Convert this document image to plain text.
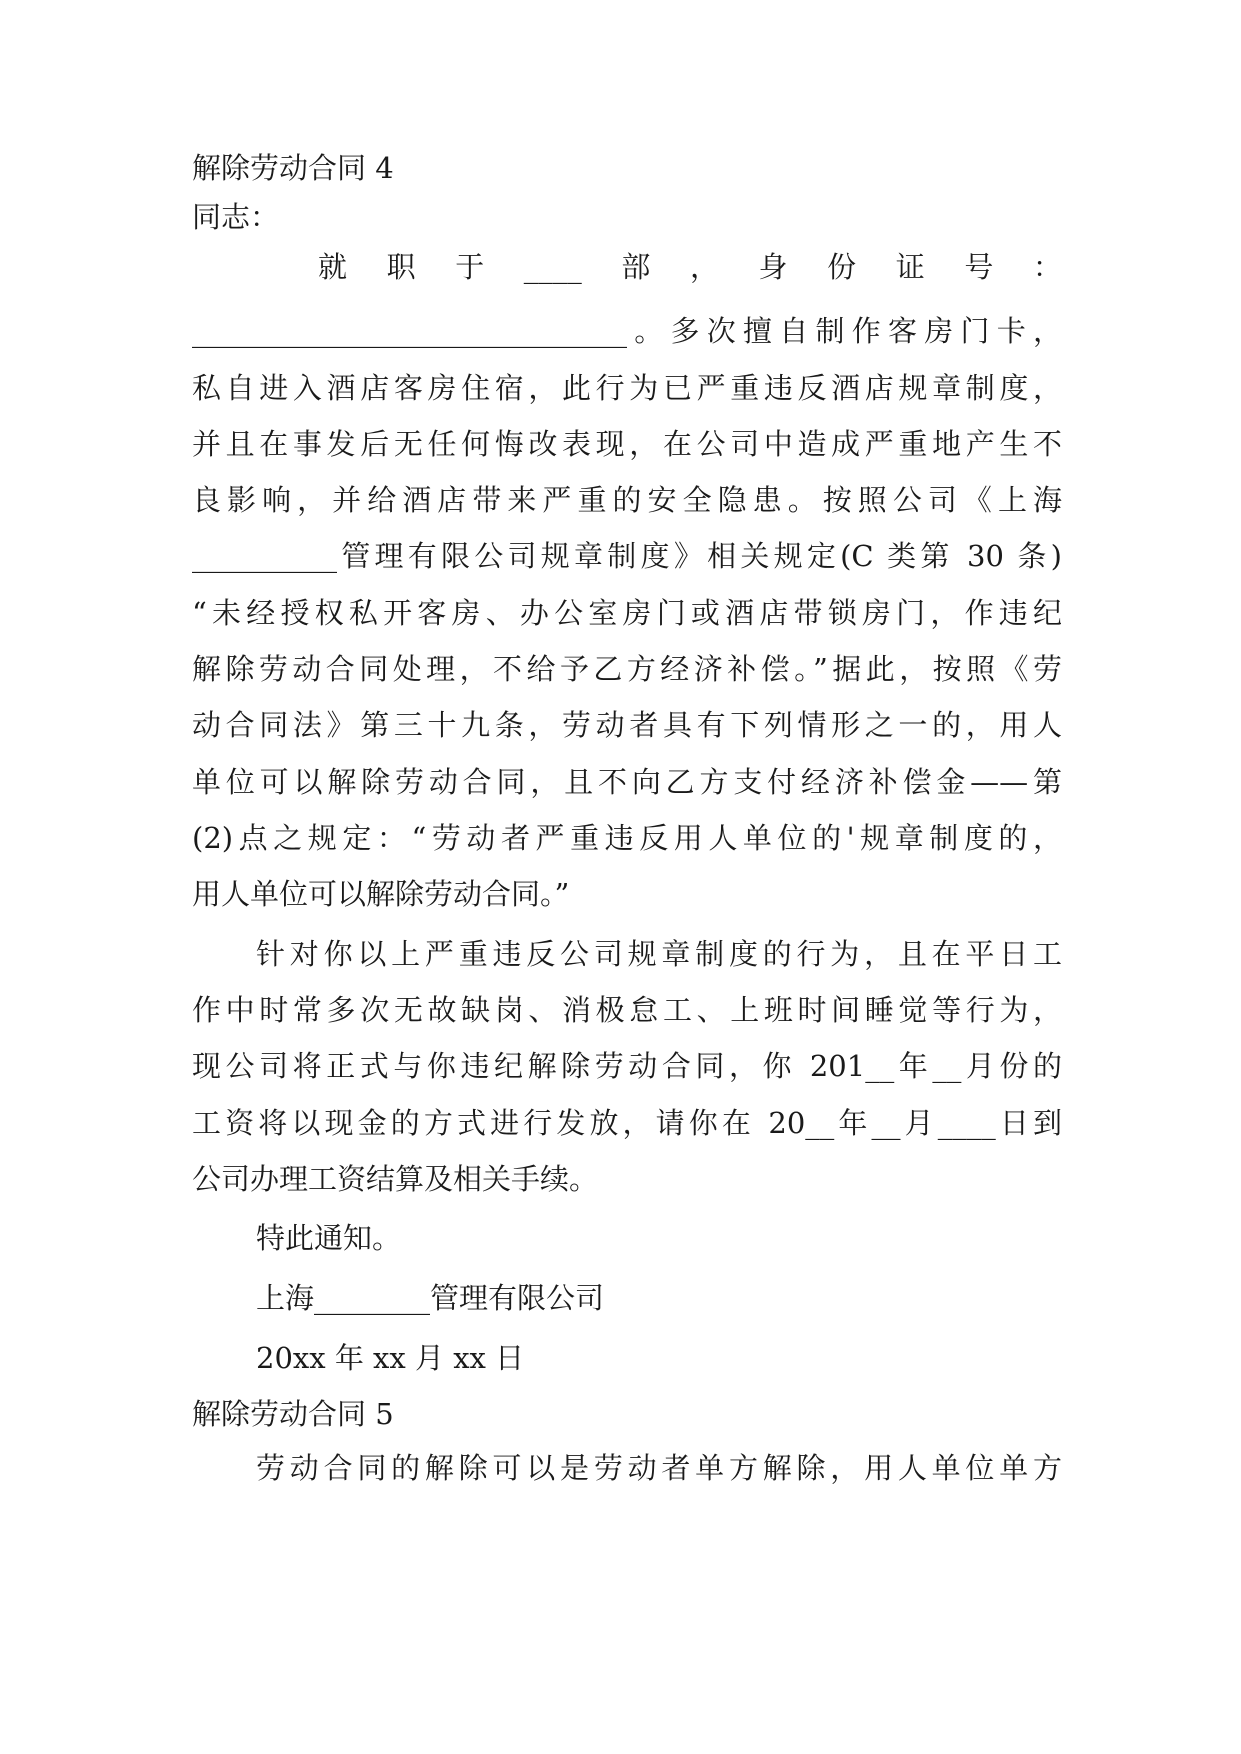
解除劳动合同 4
同志：
就 职 于 ____ 部 ， 身 份 证 号 ：
______________________________。多次擅自制作客房门卡，
私自进入酒店客房住宿，此行为已严重违反酒店规章制度，
并且在事发后无任何悔改表现，在公司中造成严重地产生不
良影响，并给酒店带来严重的安全隐患。按照公司《上海
__________管理有限公司规章制度》相关规定(C 类第 30 条)
“未经授权私开客房、办公室房门或酒店带锁房门，作违纪
解除劳动合同处理，不给予乙方经济补偿。”据此，按照《劳
动合同法》第三十九条，劳动者具有下列情形之一的，用人
单位可以解除劳动合同，且不向乙方支付经济补偿金——第
(2)点之规定：“劳动者严重违反用人单位的'规章制度的，
用人单位可以解除劳动合同。”
针对你以上严重违反公司规章制度的行为，且在平日工
作中时常多次无故缺岗、消极怠工、上班时间睡觉等行为，
现公司将正式与你违纪解除劳动合同，你 201__年__月份的
工资将以现金的方式进行发放，请你在 20__年__月____日到
公司办理工资结算及相关手续。
特此通知。
上海________管理有限公司
20xx 年 xx 月 xx 日
解除劳动合同 5
劳动合同的解除可以是劳动者单方解除，用人单位单方
